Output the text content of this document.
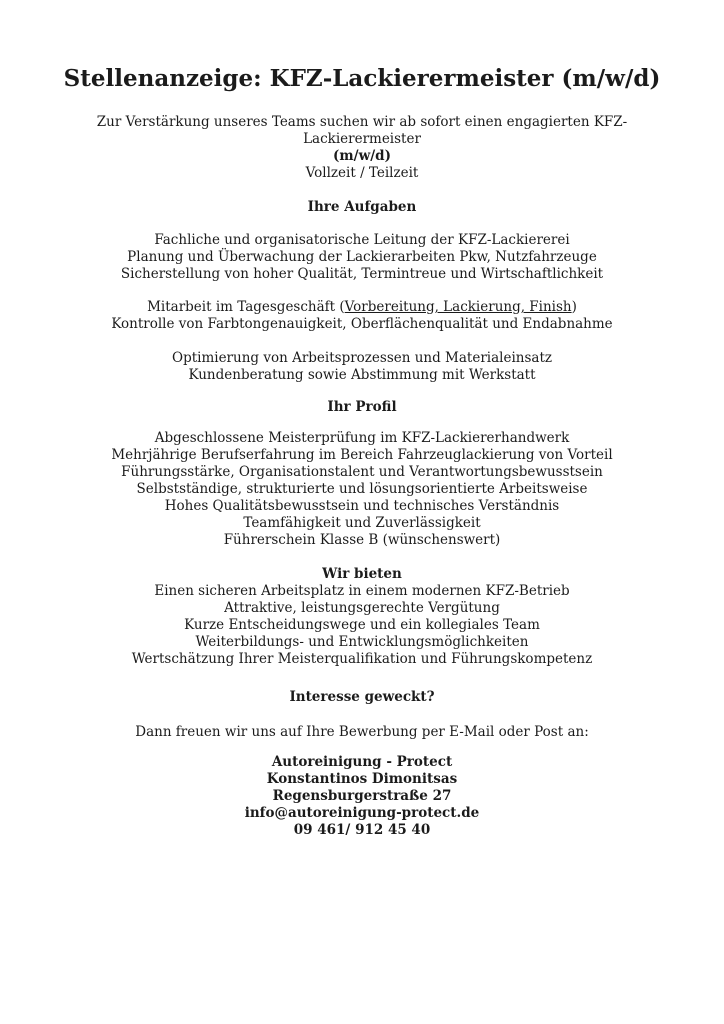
Stellenanzeige: KFZ-Lackierermeister (m/w/d)
Zur Verstärkung unseres Teams suchen wir ab sofort einen engagierten KFZ-Lackierermeister
(m/w/d)
Vollzeit / Teilzeit
Ihre Aufgaben
Fachliche und organisatorische Leitung der KFZ-Lackiererei
Planung und Überwachung der Lackierarbeiten Pkw, Nutzfahrzeuge
Sicherstellung von hoher Qualität, Termintreue und Wirtschaftlichkeit
Mitarbeit im Tagesgeschäft (Vorbereitung, Lackierung, Finish)
Kontrolle von Farbtongenauigkeit, Oberflächenqualität und Endabnahme
Optimierung von Arbeitsprozessen und Materialeinsatz
Kundenberatung sowie Abstimmung mit Werkstatt
Ihr Profil
Abgeschlossene Meisterprüfung im KFZ-Lackiererhandwerk
Mehrjährige Berufserfahrung im Bereich Fahrzeuglackierung von Vorteil
Führungsstärke, Organisationstalent und Verantwortungsbewusstsein
Selbstständige, strukturierte und lösungsorientierte Arbeitsweise
Hohes Qualitätsbewusstsein und technisches Verständnis
Teamfähigkeit und Zuverlässigkeit
Führerschein Klasse B (wünschenswert)
Wir bieten
Einen sicheren Arbeitsplatz in einem modernen KFZ-Betrieb
Attraktive, leistungsgerechte Vergütung
Kurze Entscheidungswege und ein kollegiales Team
Weiterbildungs- und Entwicklungsmöglichkeiten
Wertschätzung Ihrer Meisterqualifikation und Führungskompetenz
Interesse geweckt?
Dann freuen wir uns auf Ihre Bewerbung per E-Mail oder Post an:
Autoreinigung - Protect
Konstantinos Dimonitsas
Regensburgerstraße 27
info@autoreinigung-protect.de
09 461/ 912 45 40
